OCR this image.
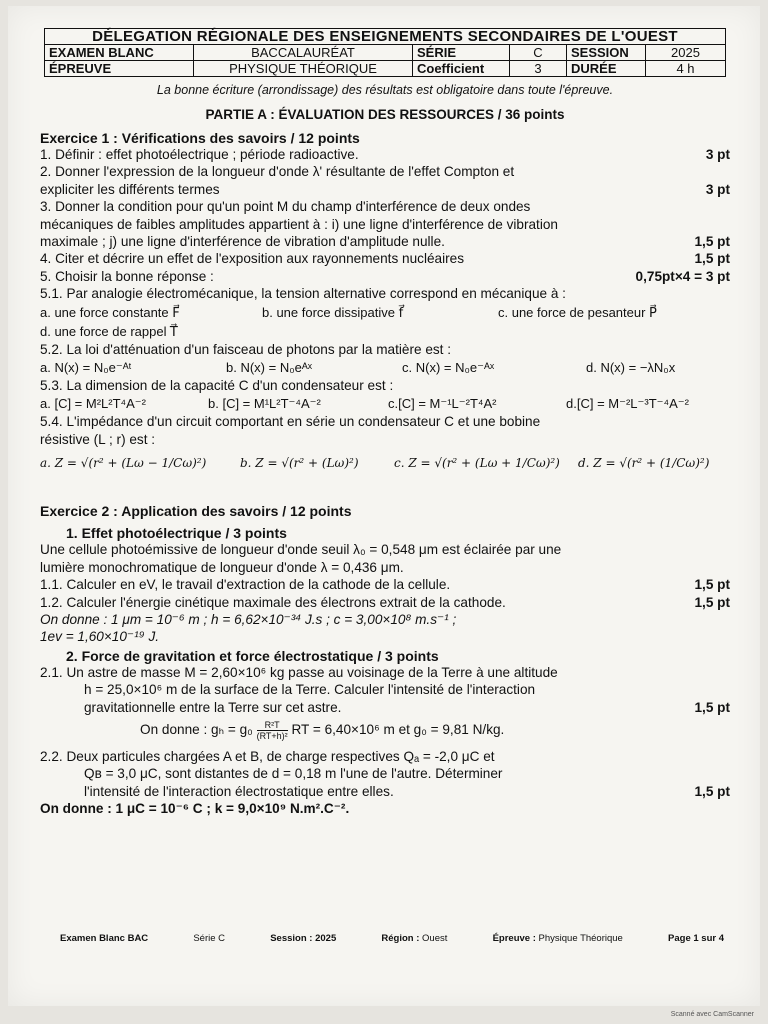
DÉLEGATION RÉGIONALE DES ENSEIGNEMENTS SECONDAIRES DE L'OUEST					
EXAMEN BLANC	BACCALAURÉAT	SÉRIE	C	SESSION	2025
ÉPREUVE	PHYSIQUE THÉORIQUE	Coefficient	3	DURÉE	4 h
La bonne écriture (arrondissage) des résultats est obligatoire dans toute l'épreuve.
PARTIE A : ÉVALUATION DES RESSOURCES / 36 points
Exercice 1 : Vérifications des savoirs / 12 points
1. Définir : effet photoélectrique ; période radioactive.	3 pt
2. Donner l'expression de la longueur d'onde λ' résultante de l'effet Compton et
expliciter les différents termes	3 pt
3. Donner la condition pour qu'un point M du champ d'interférence de deux ondes
mécaniques de faibles amplitudes appartient à : i) une ligne d'interférence de vibration
maximale ; j) une ligne d'interférence de vibration d'amplitude nulle.	1,5 pt
4. Citer et décrire un effet de l'exposition aux rayonnements nucléaires	1,5 pt
5. Choisir la bonne réponse :	0,75pt×4 = 3 pt
5.1. Par analogie électromécanique, la tension alternative correspond en mécanique à :
a. une force constante F⃗	b. une force dissipative f⃗	c. une force de pesanteur P⃗
d. une force de rappel T⃗
5.2. La loi d'atténuation d'un faisceau de photons par la matière est :
a. N(x) = N₀e⁻ᴬᵗ	b. N(x) = N₀eᴬˣ	c. N(x) = N₀e⁻ᴬˣ	d. N(x) = −λN₀x
5.3. La dimension de la capacité C d'un condensateur est :
a. [C] = M²L²T⁴A⁻²	b. [C] = M¹L²T⁻⁴A⁻²	c.[C] = M⁻¹L⁻²T⁴A²	d.[C] = M⁻²L⁻³T⁻⁴A⁻²
5.4. L'impédance d'un circuit comportant en série un condensateur C et une bobine
résistive (L ; r) est :
a. Z = √(r² + (Lω − 1/Cω)²)	b. Z = √(r² + (Lω)²)	c. Z = √(r² + (Lω + 1/Cω)²)	d. Z = √(r² + (1/Cω)²)
Exercice 2 : Application des savoirs / 12 points
1. Effet photoélectrique / 3 points
Une cellule photoémissive de longueur d'onde seuil λ₀ = 0,548 μm est éclairée par une
lumière monochromatique de longueur d'onde λ = 0,436 μm.
1.1. Calculer en eV, le travail d'extraction de la cathode de la cellule.	1,5 pt
1.2. Calculer l'énergie cinétique maximale des électrons extrait de la cathode.	1,5 pt
On donne : 1 μm = 10⁻⁶ m ; h = 6,62×10⁻³⁴ J.s ; c = 3,00×10⁸ m.s⁻¹ ;
1ev = 1,60×10⁻¹⁹ J.
2. Force de gravitation et force électrostatique / 3 points
2.1. Un astre de masse M = 2,60×10⁶ kg passe au voisinage de la Terre à une altitude
h = 25,0×10⁶ m de la surface de la Terre. Calculer l'intensité de l'interaction
gravitationnelle entre la Terre sur cet astre.	1,5 pt
On donne : $g_h = g_0 \frac{\text{R²T}}{\text{(RT+h)²}}$ RT = 6,40×10⁶ m et g₀ = 9,81 N/kg.
2.2. Deux particules chargées A et B, de charge respectives Qₐ = -2,0 μC et
Qʙ = 3,0 μC, sont distantes de d = 0,18 m l'une de l'autre. Déterminer
l'intensité de l'interaction électrostatique entre elles.	1,5 pt
On donne : 1 μC = 10⁻⁶ C ; k = 9,0×10⁹ N.m².C⁻².
Examen Blanc BAC	Série C	Session : 2025	Région : Ouest	Épreuve : Physique Théorique	Page 1 sur 4
Scanné avec CamScanner
